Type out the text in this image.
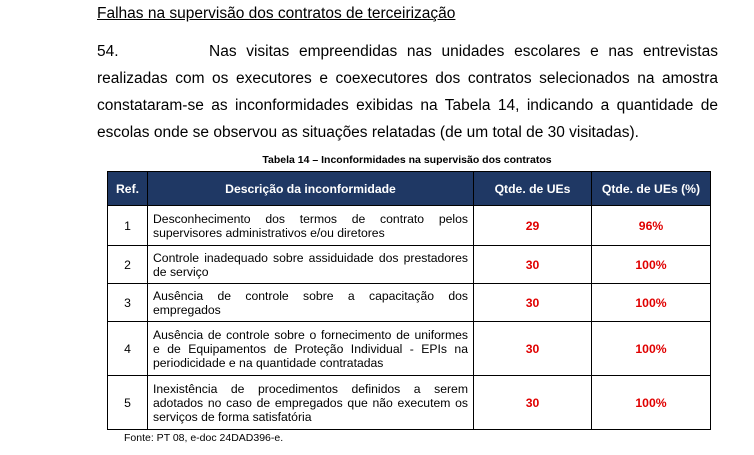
Falhas na supervisão dos contratos de terceirização
54.	Nas visitas empreendidas nas unidades escolares e nas entrevistas realizadas com os executores e coexecutores dos contratos selecionados na amostra constataram-se as inconformidades exibidas na Tabela 14, indicando a quantidade de escolas onde se observou as situações relatadas (de um total de 30 visitadas).
Tabela 14 – Inconformidades na supervisão dos contratos
Ref.	Descrição da inconformidade	Qtde. de UEs	Qtde. de UEs (%)
1	Desconhecimento dos termos de contrato pelos supervisores administrativos e/ou diretores	29	96%
2	Controle inadequado sobre assiduidade dos prestadores de serviço	30	100%
3	Ausência de controle sobre a capacitação dos empregados	30	100%
4	Ausência de controle sobre o fornecimento de uniformes e de Equipamentos de Proteção Individual - EPIs na periodicidade e na quantidade contratadas	30	100%
5	Inexistência de procedimentos definidos a serem adotados no caso de empregados que não executem os serviços de forma satisfatória	30	100%
Fonte: PT 08, e-doc 24DAD396-e.
